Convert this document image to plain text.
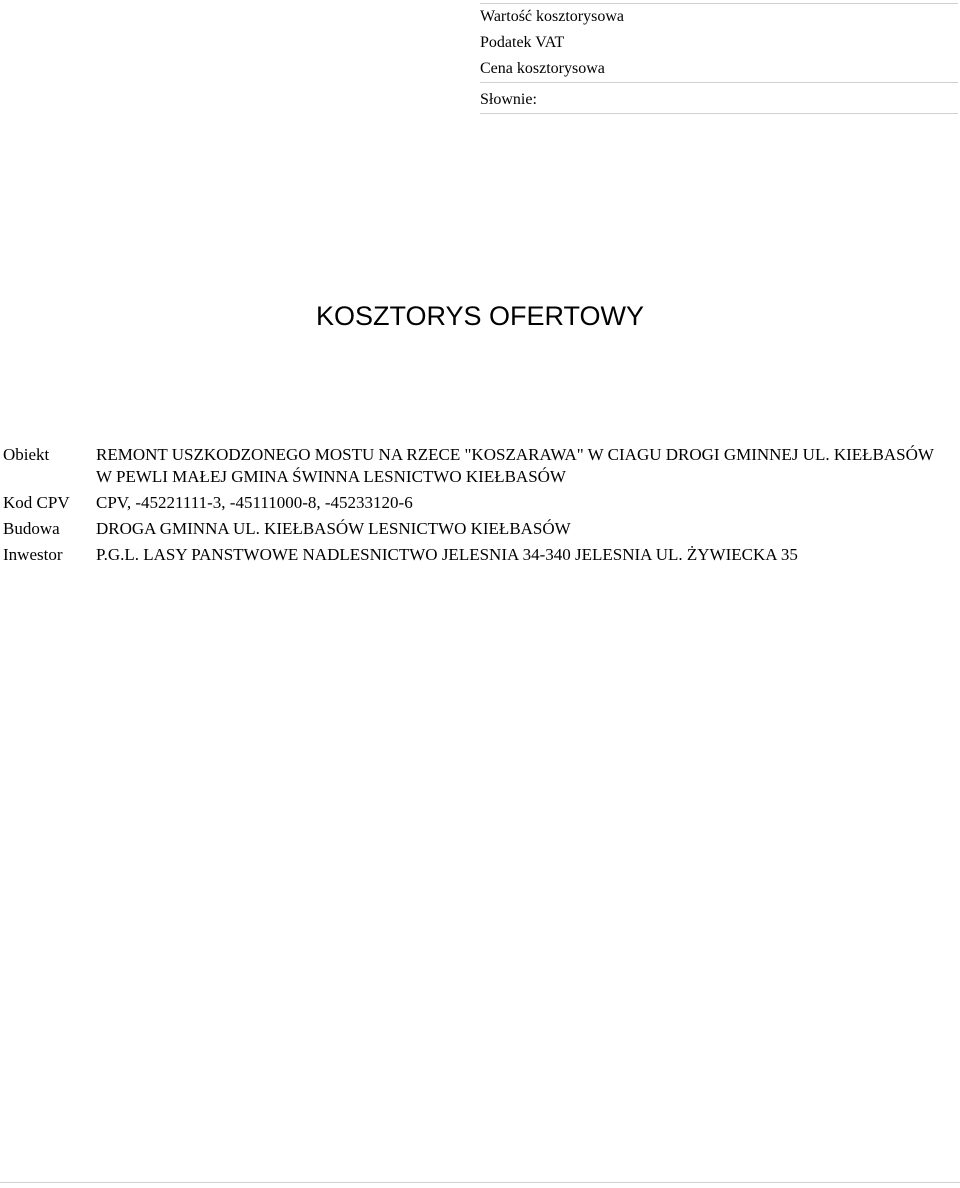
Wartość kosztorysowa
Podatek VAT
Cena kosztorysowa
Słownie:
KOSZTORYS OFERTOWY
Obiekt	REMONT USZKODZONEGO MOSTU NA RZECE "KOSZARAWA" W CIAGU DROGI GMINNEJ UL. KIEŁBASÓW W PEWLI MAŁEJ GMINA ŚWINNA LESNICTWO KIEŁBASÓW
Kod CPV	CPV, -45221111-3, -45111000-8, -45233120-6
Budowa	DROGA GMINNA UL. KIEŁBASÓW LESNICTWO KIEŁBASÓW
Inwestor	P.G.L. LASY PANSTWOWE NADLESNICTWO JELESNIA 34-340 JELESNIA UL. ŻYWIECKA 35
